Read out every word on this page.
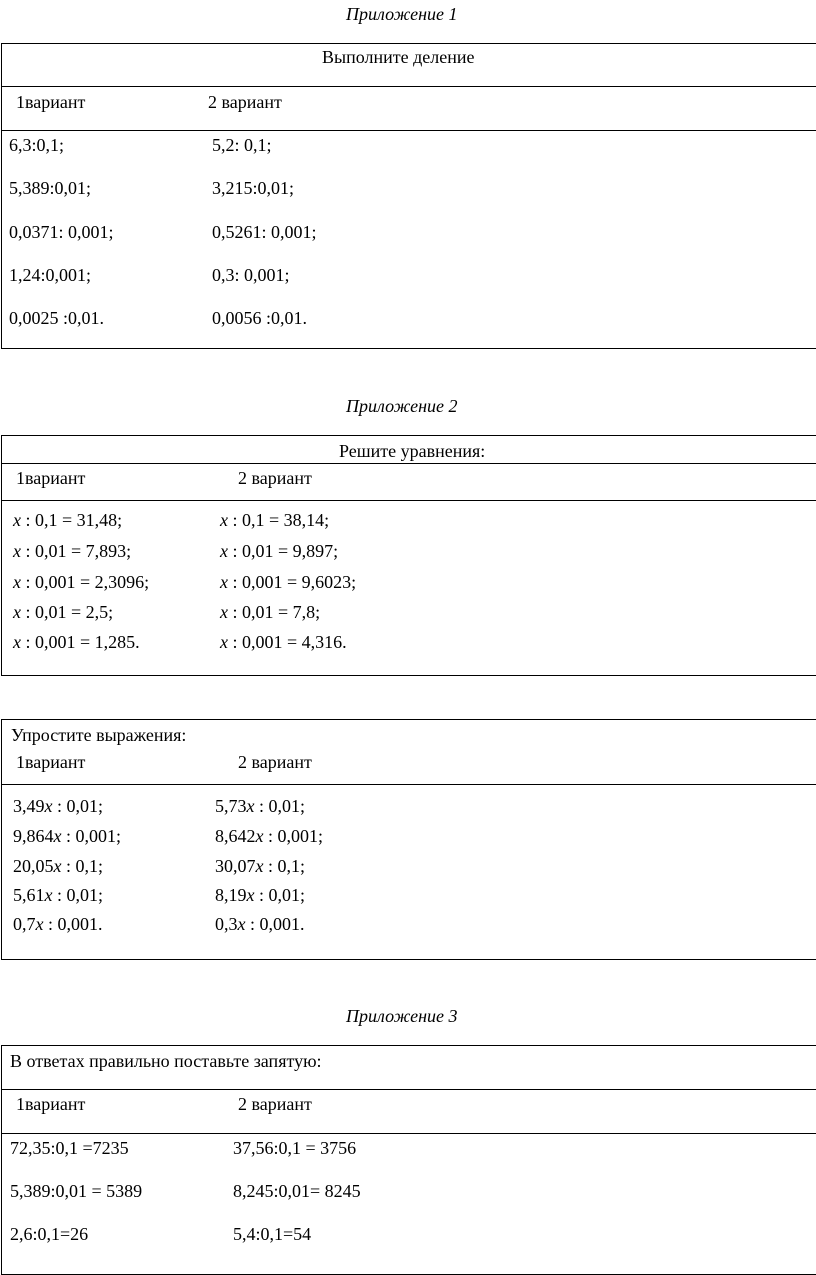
Приложение 1
Выполните деление
1вариант	2 вариант
6,3:0,1;	5,2: 0,1;
5,389:0,01;	3,215:0,01;
0,0371: 0,001;	0,5261: 0,001;
1,24:0,001;	0,3: 0,001;
0,0025 :0,01.	0,0056 :0,01.
Приложение 2
Решите уравнения:
1вариант	2 вариант
x : 0,1 = 31,48;	x : 0,1 = 38,14;
x : 0,01 = 7,893;	x : 0,01 = 9,897;
x : 0,001 = 2,3096;	x : 0,001 = 9,6023;
x : 0,01 = 2,5;	x : 0,01 = 7,8;
x : 0,001 = 1,285.	x : 0,001 = 4,316.
Упростите выражения:
1вариант	2 вариант
3,49x : 0,01;	5,73x : 0,01;
9,864x : 0,001;	8,642x : 0,001;
20,05x : 0,1;	30,07x : 0,1;
5,61x : 0,01;	8,19x : 0,01;
0,7x : 0,001.	0,3x : 0,001.
Приложение 3
В ответах правильно поставьте запятую:
1вариант	2 вариант
72,35:0,1 =7235	37,56:0,1 = 3756
5,389:0,01 = 5389	8,245:0,01= 8245
2,6:0,1=26	5,4:0,1=54
